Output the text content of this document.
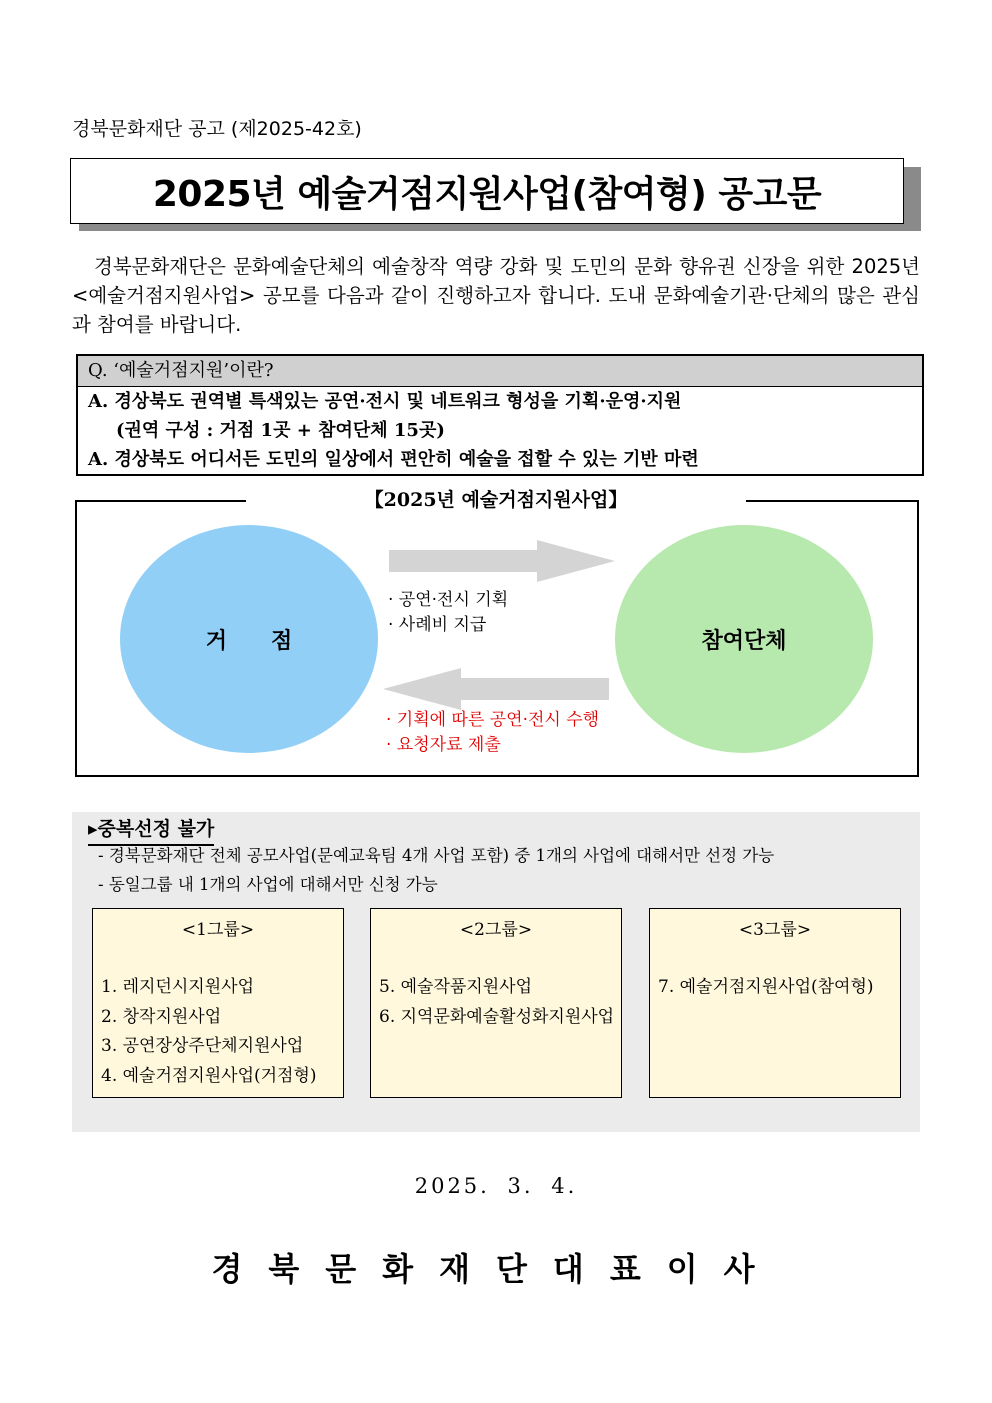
경북문화재단 공고 (제2025-42호)
2025년 예술거점지원사업(참여형) 공고문
경북문화재단은 문화예술단체의 예술창작 역량 강화 및 도민의 문화 향유권 신장을 위한 2025년 <예술거점지원사업> 공모를 다음과 같이 진행하고자 합니다. 도내 문화예술기관·단체의 많은 관심과 참여를 바랍니다.
Q. ‘예술거점지원’이란?
A. 경상북도 권역별 특색있는 공연·전시 및 네트워크 형성을 기획·운영·지원
(권역 구성 : 거점 1곳 + 참여단체 15곳)
A. 경상북도 어디서든 도민의 일상에서 편안히 예술을 접할 수 있는 기반 마련
【2025년 예술거점지원사업】
거점	참여단체
· 공연·전시 기획
· 사례비 지급
· 기획에 따른 공연·전시 수행
· 요청자료 제출
▸중복선정 불가
- 경북문화재단 전체 공모사업(문예교육팀 4개 사업 포함) 중 1개의 사업에 대해서만 선정 가능
- 동일그룹 내 1개의 사업에 대해서만 신청 가능
<1그룹>
1. 레지던시지원사업
2. 창작지원사업
3. 공연장상주단체지원사업
4. 예술거점지원사업(거점형)
<2그룹>
5. 예술작품지원사업
6. 지역문화예술활성화지원사업
<3그룹>
7. 예술거점지원사업(참여형)
2025. 3. 4.
경북문화재단대표이사
